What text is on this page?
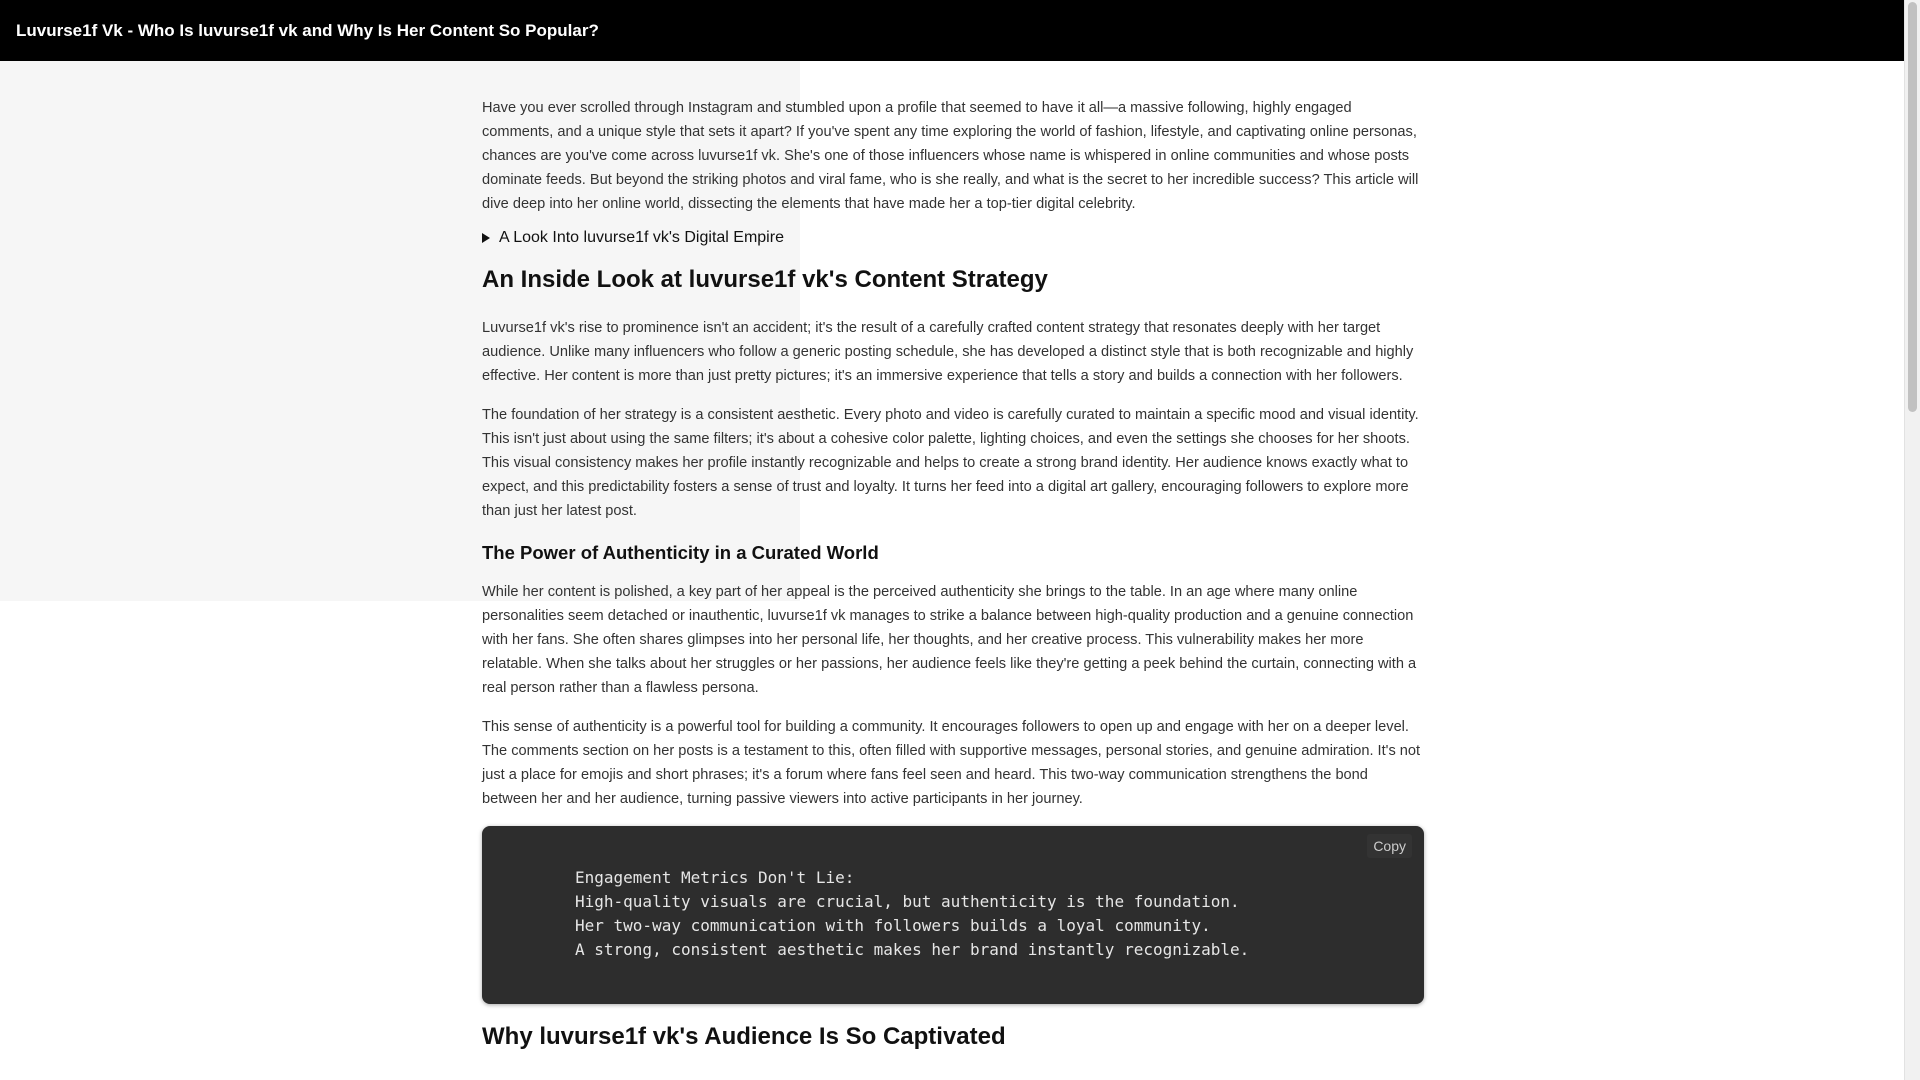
Luvurse1f Vk - Who Is luvurse1f vk and Why Is Her Content So Popular?

Have you ever scrolled through Instagram and stumbled upon a profile that seemed to have it all—a massive following, highly engaged comments, and a unique style that sets it apart? If you've spent any time exploring the world of fashion, lifestyle, and captivating online personas, chances are you've come across luvurse1f vk. She's one of those influencers whose name is whispered in online communities and whose posts dominate feeds. But beyond the striking photos and viral fame, who is she really, and what is the secret to her incredible success? This article will dive deep into her online world, dissecting the elements that have made her a top-tier digital celebrity.

A Look Into luvurse1f vk's Digital Empire
An Inside Look at luvurse1f vk's Content Strategy

Luvurse1f vk's rise to prominence isn't an accident; it's the result of a carefully crafted content strategy that resonates deeply with her target audience. Unlike many influencers who follow a generic posting schedule, she has developed a distinct style that is both recognizable and highly effective. Her content is more than just pretty pictures; it's an immersive experience that tells a story and builds a connection with her followers.

The foundation of her strategy is a consistent aesthetic. Every photo and video is carefully curated to maintain a specific mood and visual identity. This isn't just about using the same filters; it's about a cohesive color palette, lighting choices, and even the settings she chooses for her shoots. This visual consistency makes her profile instantly recognizable and helps to create a strong brand identity. Her audience knows exactly what to expect, and this predictability fosters a sense of trust and loyalty. It turns her feed into a digital art gallery, encouraging followers to explore more than just her latest post.

The Power of Authenticity in a Curated World

While her content is polished, a key part of her appeal is the perceived authenticity she brings to the table. In an age where many online personalities seem detached or inauthentic, luvurse1f vk manages to strike a balance between high-quality production and a genuine connection with her fans. She often shares glimpses into her personal life, her thoughts, and her creative process. This vulnerability makes her more relatable. When she talks about her struggles or her passions, her audience feels like they're getting a peek behind the curtain, connecting with a real person rather than a flawless persona.

This sense of authenticity is a powerful tool for building a community. It encourages followers to open up and engage with her on a deeper level. The comments section on her posts is a testament to this, often filled with supportive messages, personal stories, and genuine admiration. It's not just a place for emojis and short phrases; it's a forum where fans feel seen and heard. This two-way communication strengthens the bond between her and her audience, turning passive viewers into active participants in her journey.

Copy
Engagement Metrics Don't Lie:
High-quality visuals are crucial, but authenticity is the foundation.
Her two-way communication with followers builds a loyal community.
A strong, consistent aesthetic makes her brand instantly recognizable.
Why luvurse1f vk's Audience Is So Captivated
